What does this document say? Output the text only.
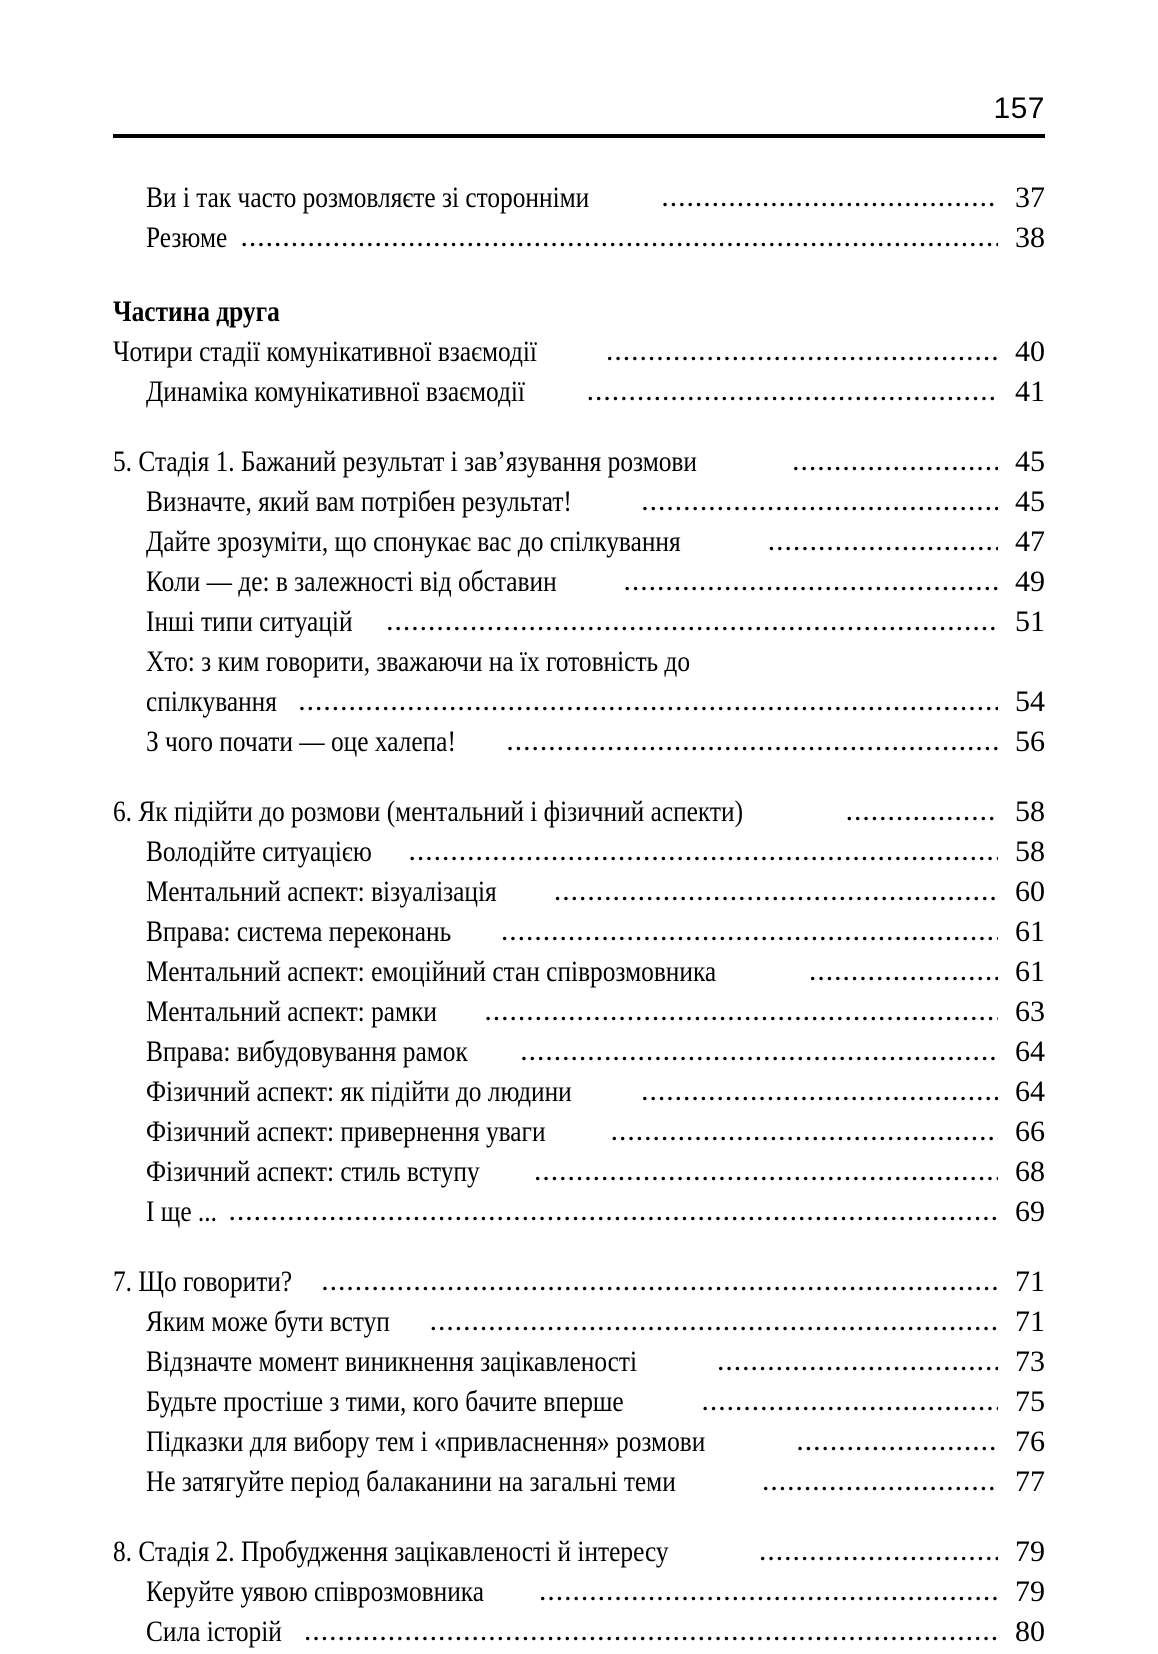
157
Ви і так часто розмовляєте зі сторонніми .....	37
Резюме .....	38
Частина друга
Чотири стадії комунікативної взаємодії .....	40
Динаміка комунікативної взаємодії .....	41
5. Стадія 1. Бажаний результат і зав’язування розмови .....	45
Визначте, який вам потрібен результат! .....	45
Дайте зрозуміти, що спонукає вас до спілкування .....	47
Коли — де: в залежності від обставин .....	49
Інші типи ситуацій .....	51
Хто: з ким говорити, зважаючи на їх готовність до
спілкування .....	54
З чого почати — оце халепа! .....	56
6. Як підійти до розмови (ментальний і фізичний аспекти) .....	58
Володійте ситуацією .....	58
Ментальний аспект: візуалізація .....	60
Вправа: система переконань .....	61
Ментальний аспект: емоційний стан співрозмовника .....	61
Ментальний аспект: рамки .....	63
Вправа: вибудовування рамок .....	64
Фізичний аспект: як підійти до людини .....	64
Фізичний аспект: привернення уваги .....	66
Фізичний аспект: стиль вступу .....	68
І ще ... .....	69
7. Що говорити? .....	71
Яким може бути вступ .....	71
Відзначте момент виникнення зацікавленості .....	73
Будьте простіше з тими, кого бачите вперше .....	75
Підказки для вибору тем і «привласнення» розмови .....	76
Не затягуйте період балаканини на загальні теми .....	77
8. Стадія 2. Пробудження зацікавленості й інтересу .....	79
Керуйте уявою співрозмовника .....	79
Сила історій .....	80
